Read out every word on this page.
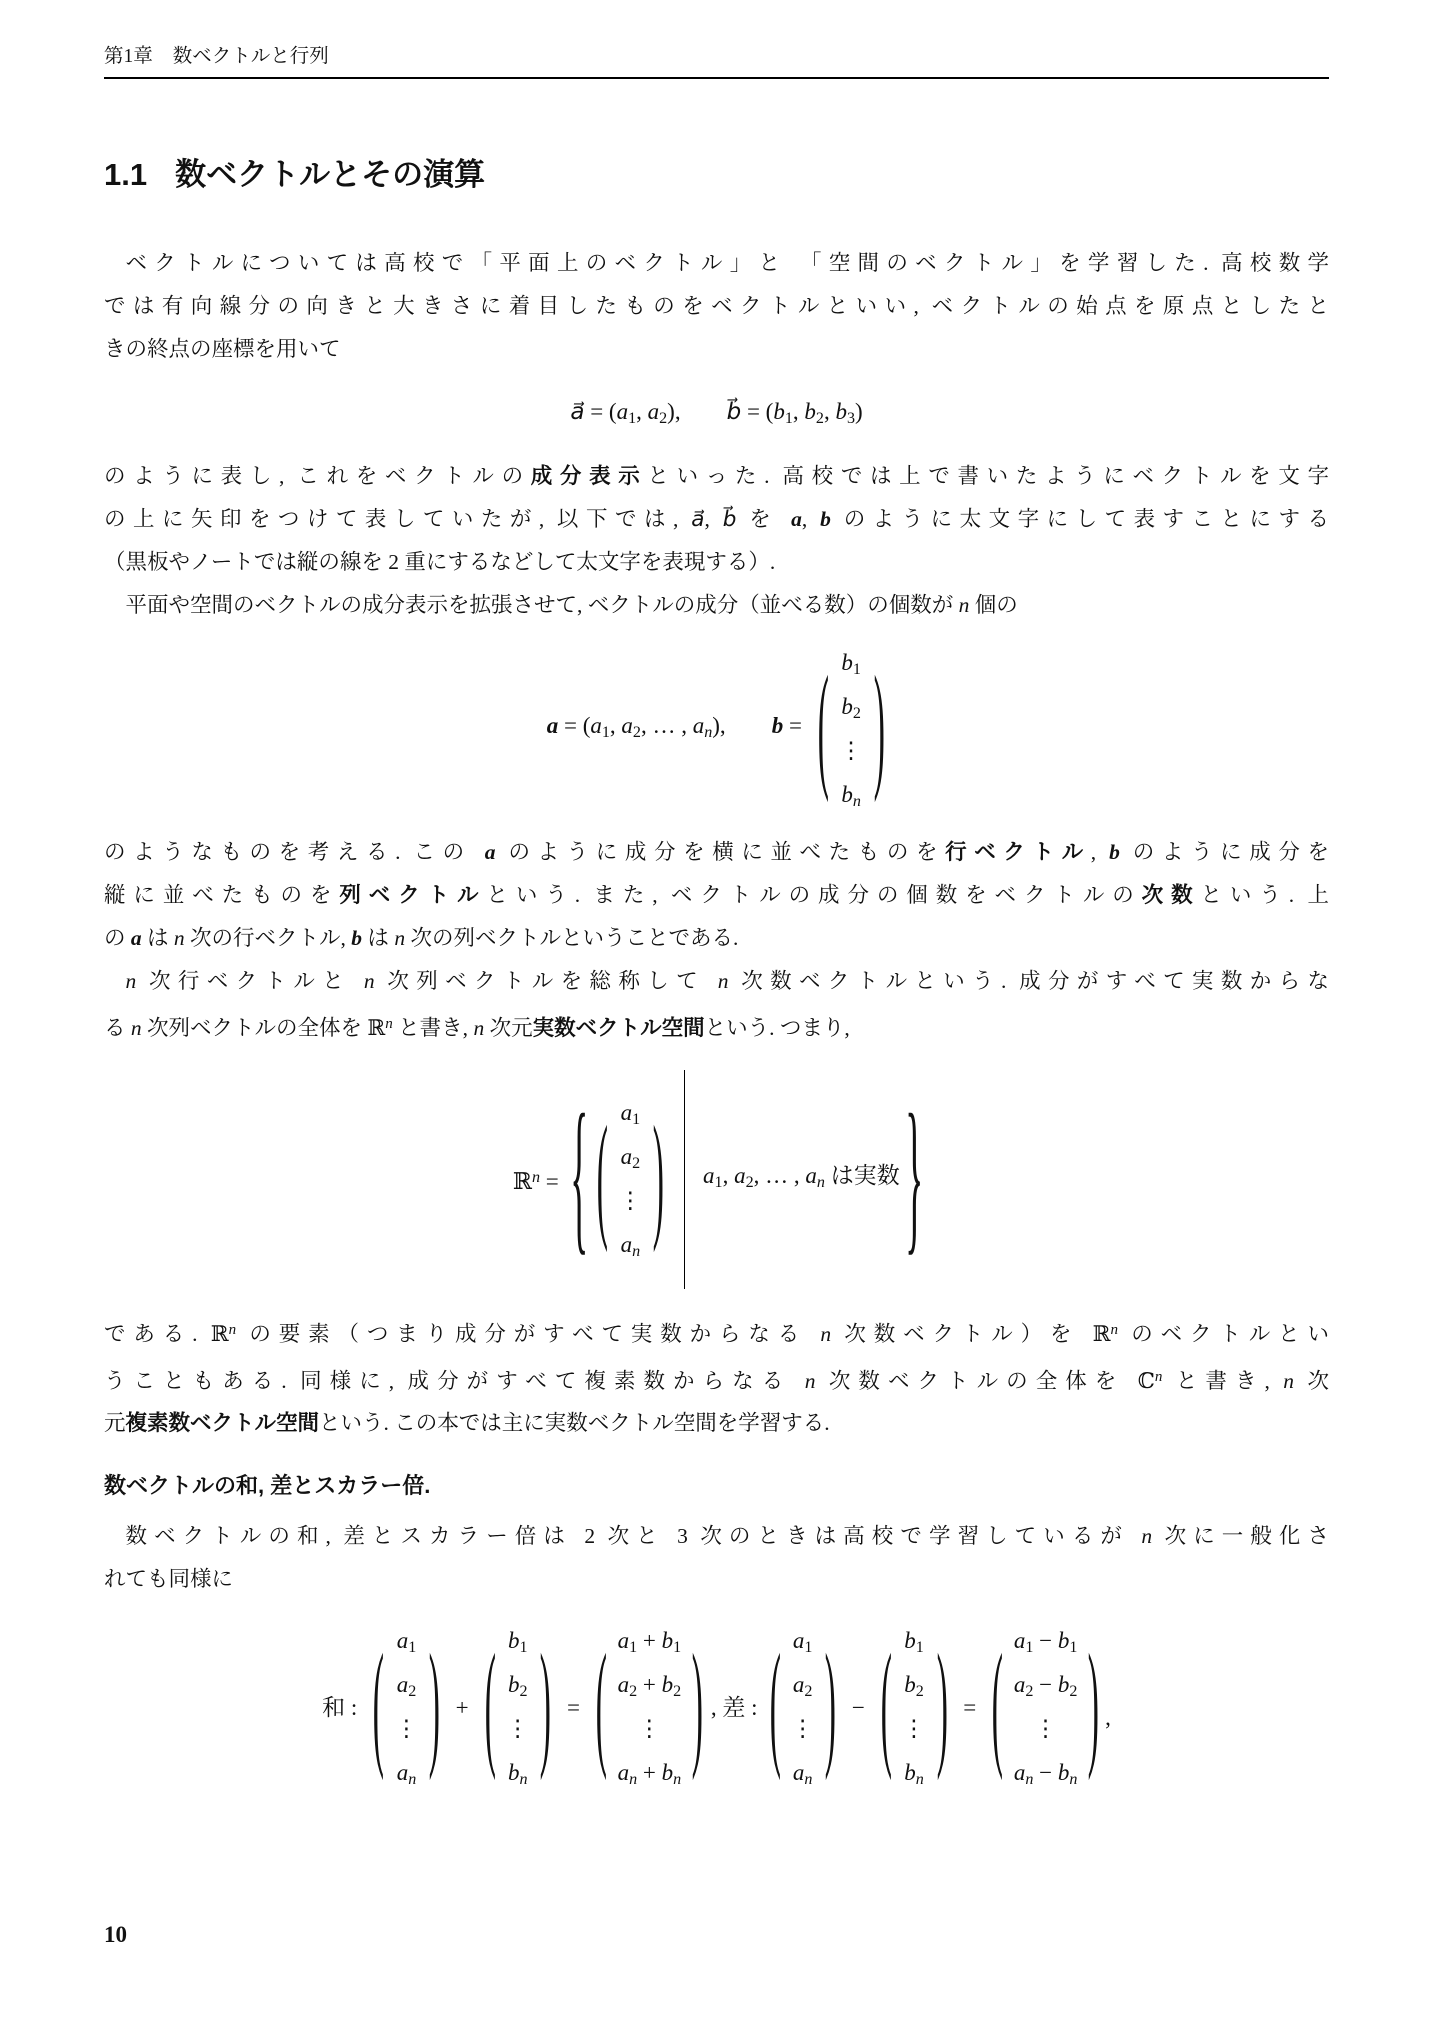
第1章 数ベクトルと行列
1.1 数ベクトルとその演算
ベクトルについては高校で「平面上のベクトル」と 「空間のベクトル」を学習した. 高校数学
では有向線分の向きと大きさに着目したものをベクトルといい, ベクトルの始点を原点としたと
きの終点の座標を用いて
a⃗ = ($a_1$, $a_2$),　　b⃗ = ($b_1$, $b_2$, $b_3$)
のように表し, これをベクトルの成分表示といった. 高校では上で書いたようにベクトルを文字
の上に矢印をつけて表していたが, 以下では, a⃗, b⃗ を a, b のように太文字にして表すことにする
（黒板やノートでは縦の線を 2 重にするなどして太文字を表現する）.
平面や空間のベクトルの成分表示を拡張させて, ベクトルの成分（並べる数）の個数が n 個の
$a = (a_1$, $a_2$, … , $a_n$),　　b = ( $b_1$
$b_2$
⋮
$b_n$ )
のようなものを考える. この a のように成分を横に並べたものを行ベクトル, b のように成分を
縦に並べたものを列ベクトルという. また, ベクトルの成分の個数をベクトルの次数という. 上
の a は n 次の行ベクトル, b は n 次の列ベクトルということである.
n 次行ベクトルと n 次列ベクトルを総称して n 次数ベクトルという. 成分がすべて実数からな
る n 次列ベクトルの全体を ℝ$^n$ と書き, n 次元実数ベクトル空間という. つまり,
ℝ$^n$ = { ( $a_1$
$a_2$
⋮
$a_n$ ) $a_1$, $a_2$, … , $a_n$ は実数 }
である. ℝ$^n$ の要素（つまり成分がすべて実数からなる n 次数ベクトル）を ℝ$^n$ のベクトルとい
うこともある. 同様に, 成分がすべて複素数からなる n 次数ベクトルの全体を ℂ$^n$ と書き, n 次
元複素数ベクトル空間という. この本では主に実数ベクトル空間を学習する.
数ベクトルの和, 差とスカラー倍.
数ベクトルの和, 差とスカラー倍は 2 次と 3 次のときは高校で学習しているが n 次に一般化さ
れても同様に
和 : ( $a_1$
$a_2$
⋮
$a_n$ ) + ( $b_1$
$b_2$
⋮
$b_n$ ) = ( $a_1 + b_1$
$a_2 + b_2$
⋮
$a_n + b_n$ ) , 差 : ( $a_1$
$a_2$
⋮
$a_n$ ) − ( $b_1$
$b_2$
⋮
$b_n$ ) = ( $a_1 - b_1$
$a_2 - b_2$
⋮
$a_n - b_n$ ) ,
10
